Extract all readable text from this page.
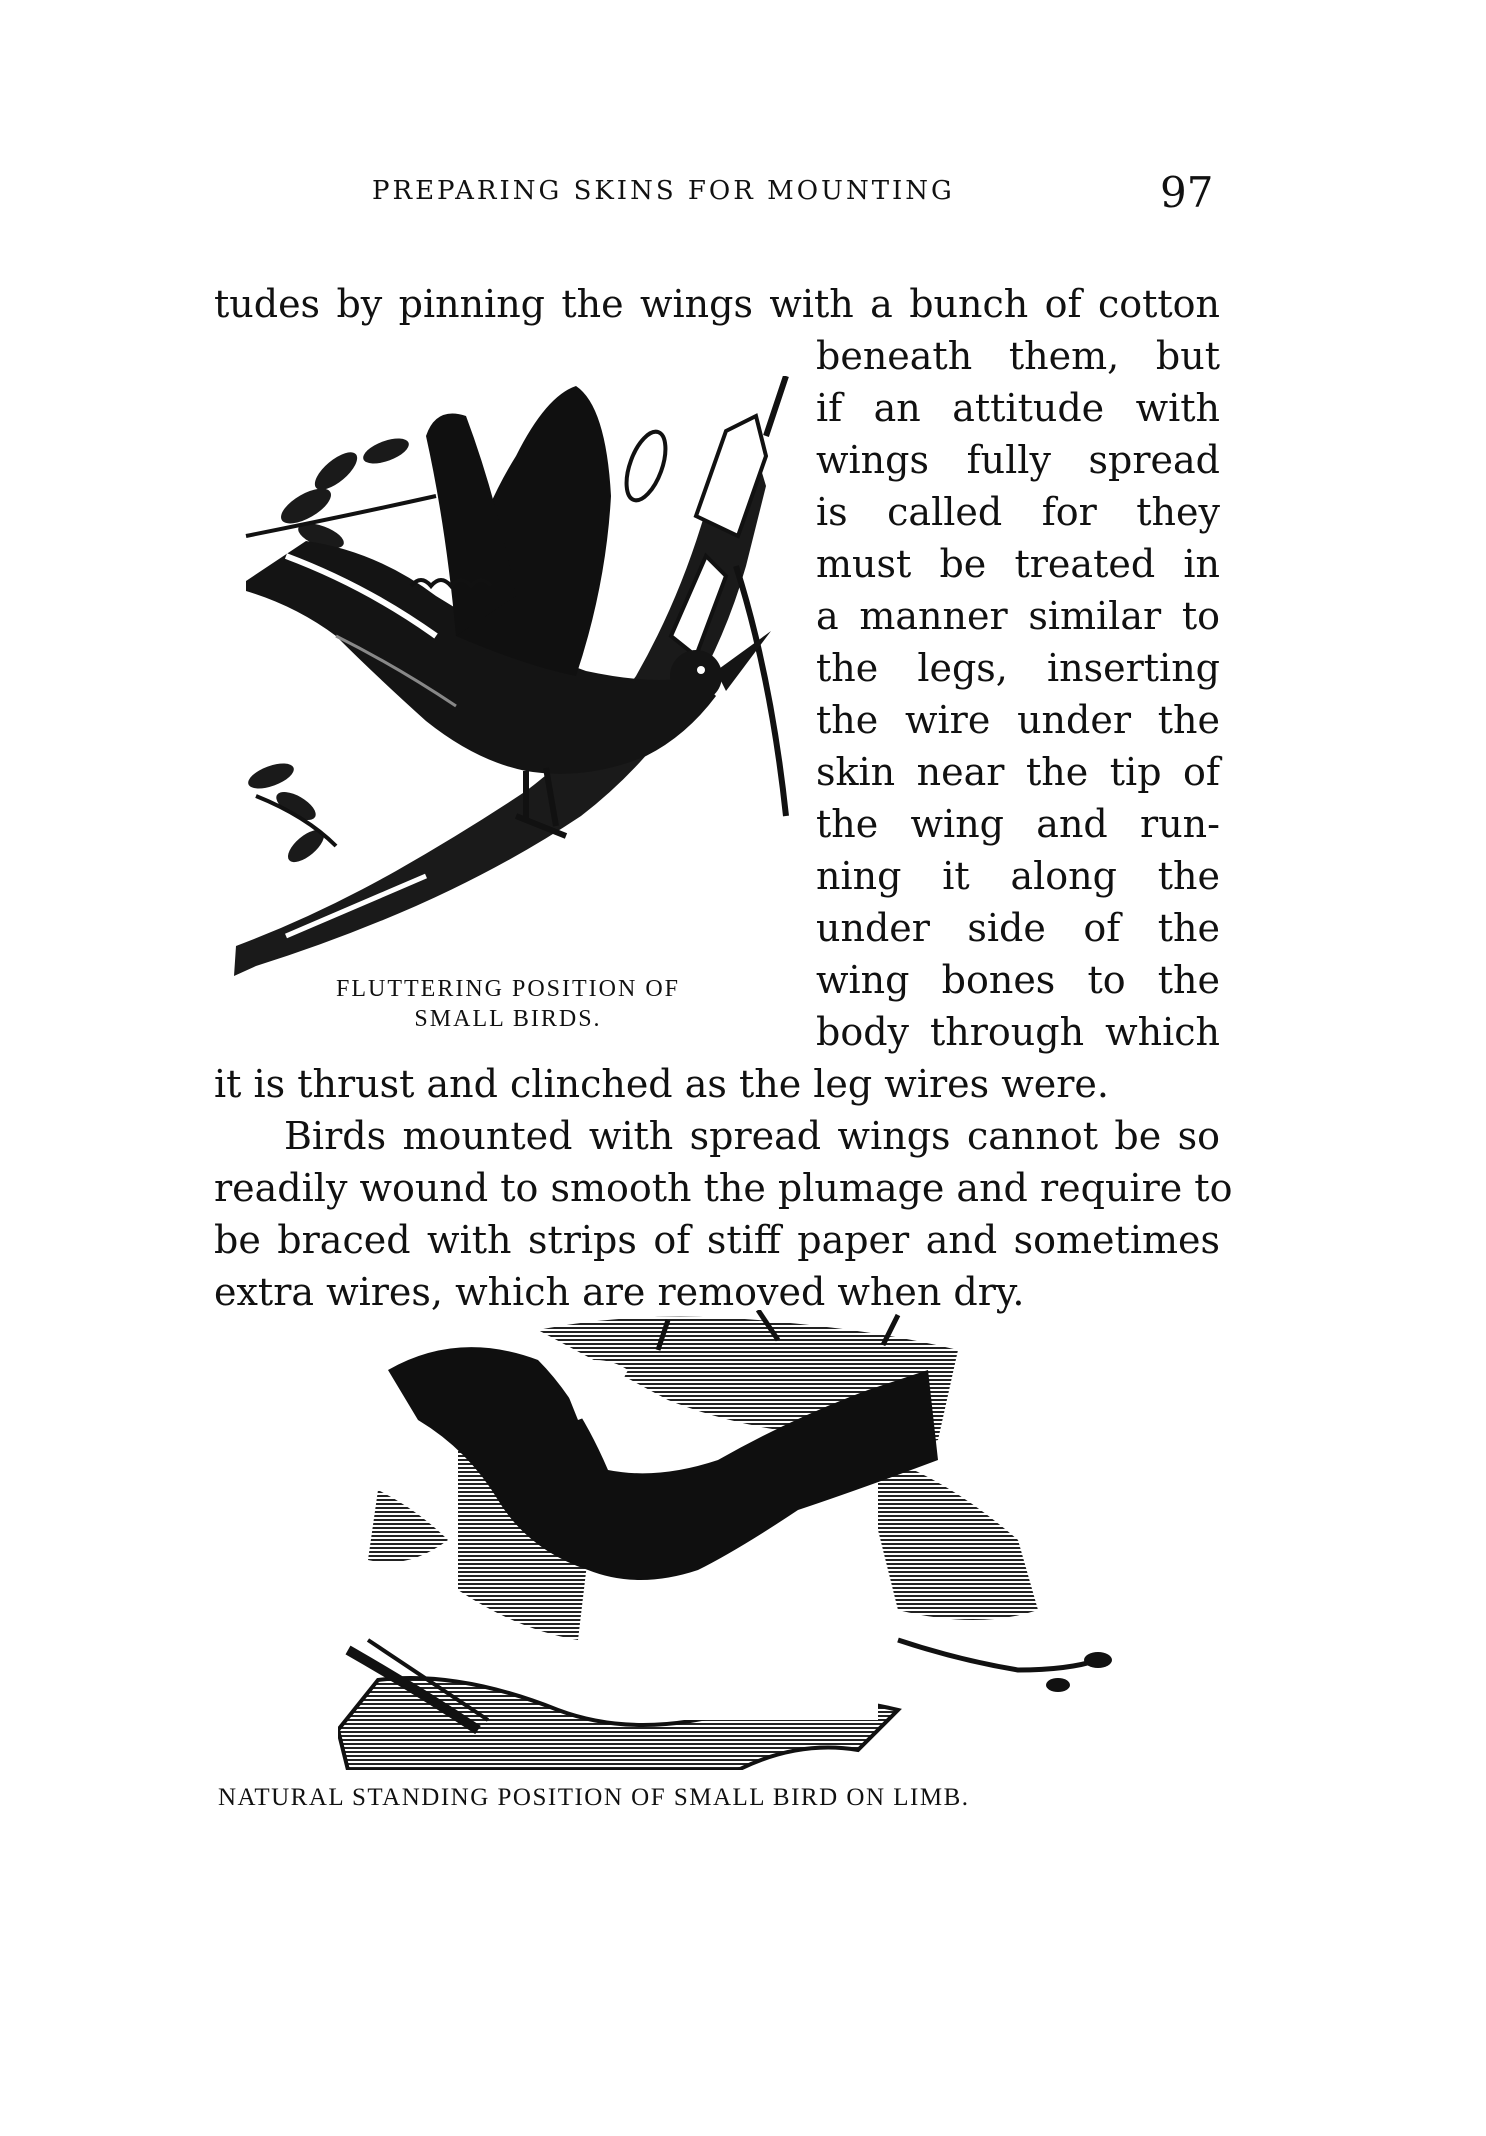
PREPARING SKINS FOR MOUNTING	97
tudes by pinning the wings with a bunch of cotton
beneath them, but
if an attitude with
wings fully spread
is called for they
must be treated in
a manner similar to
the legs, inserting
the wire under the
skin near the tip of
the wing and run-
ning it along the
under side of the
wing bones to the
body through which
it is thrust and clinched as the leg wires were.
Birds mounted with spread wings cannot be so
readily wound to smooth the plumage and require to
be braced with strips of stiff paper and sometimes
extra wires, which are removed when dry.
FLUTTERING POSITION OF
SMALL BIRDS.
NATURAL STANDING POSITION OF SMALL BIRD ON LIMB.
